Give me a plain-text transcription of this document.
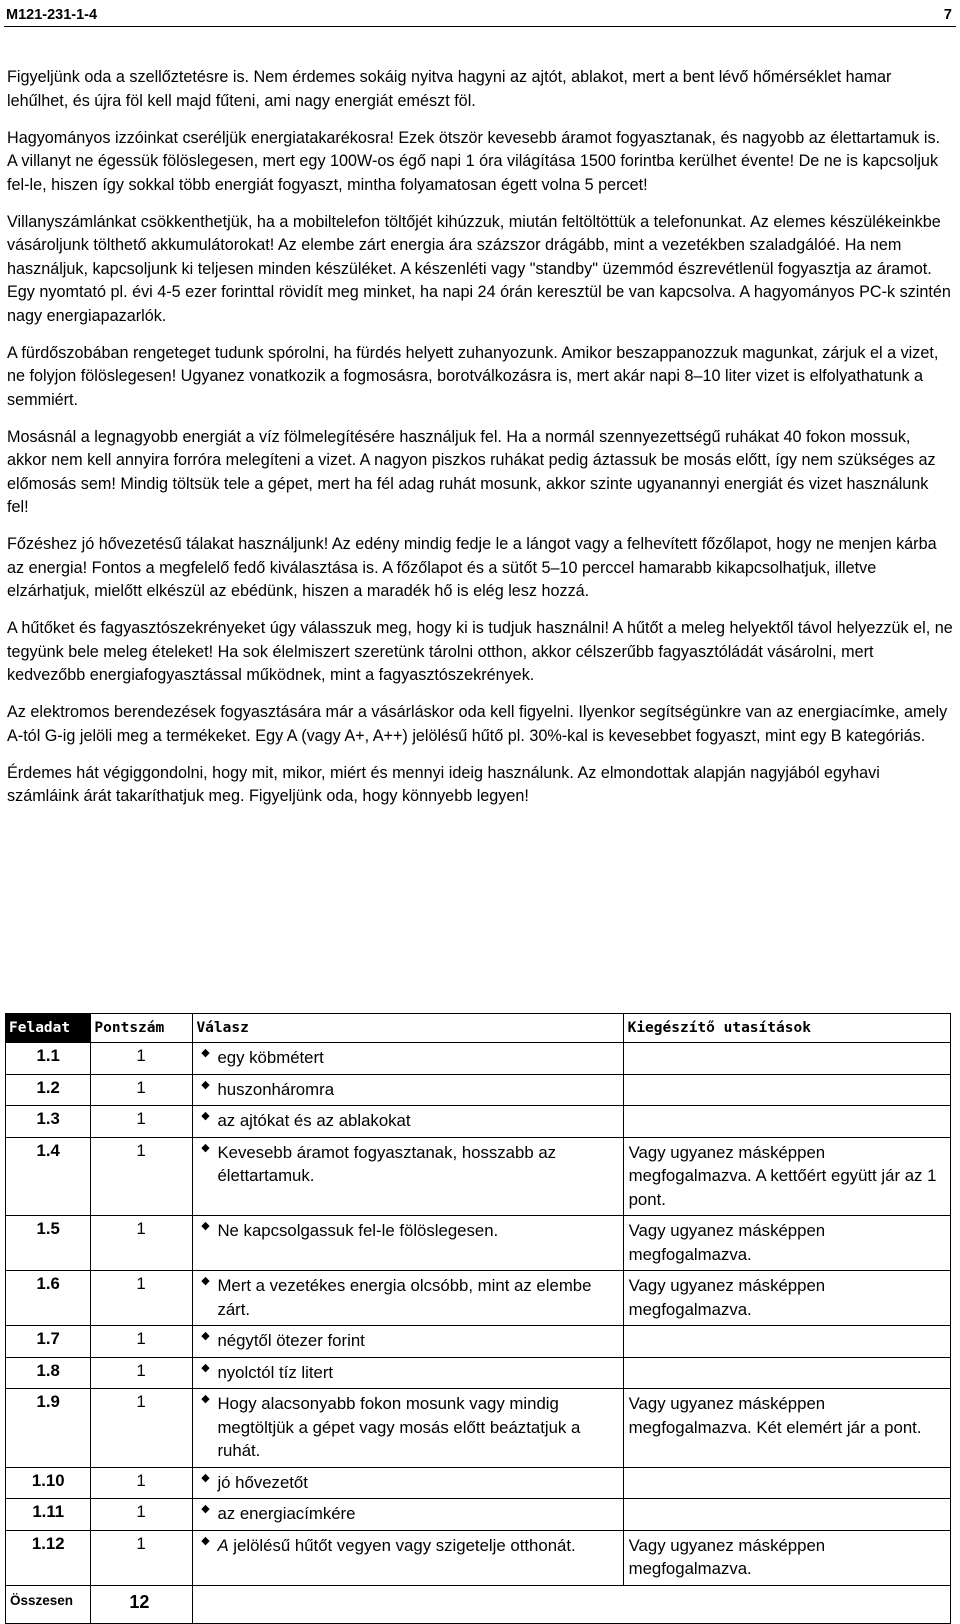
M121-231-1-4	7

Figyeljünk oda a szellőztetésre is. Nem érdemes sokáig nyitva hagyni az ajtót, ablakot, mert a bent lévő hőmérséklet hamar lehűlhet, és újra föl kell majd fűteni, ami nagy energiát emészt föl.

Hagyományos izzóinkat cseréljük energiatakarékosra! Ezek ötször kevesebb áramot fogyasztanak, és nagyobb az élettartamuk is. A villanyt ne égessük fölöslegesen, mert egy 100W-os égő napi 1 óra világítása 1500 forintba kerülhet évente! De ne is kapcsoljuk fel-le, hiszen így sokkal több energiát fogyaszt, mintha folyamatosan égett volna 5 percet!

Villanyszámlánkat csökkenthetjük, ha a mobiltelefon töltőjét kihúzzuk, miután feltöltöttük a telefonunkat. Az elemes készülékeinkbe vásároljunk tölthető akkumulátorokat! Az elembe zárt energia ára százszor drágább, mint a vezetékben szaladgálóé. Ha nem használjuk, kapcsoljunk ki teljesen minden készüléket. A készenléti vagy "standby" üzemmód észrevétlenül fogyasztja az áramot. Egy nyomtató pl. évi 4-5 ezer forinttal rövidít meg minket, ha napi 24 órán keresztül be van kapcsolva. A hagyományos PC-k szintén nagy energiapazarlók.

A fürdőszobában rengeteget tudunk spórolni, ha fürdés helyett zuhanyozunk. Amikor beszappanozzuk magunkat, zárjuk el a vizet, ne folyjon fölöslegesen! Ugyanez vonatkozik a fogmosásra, borotválkozásra is, mert akár napi 8–10 liter vizet is elfolyathatunk a semmiért.

Mosásnál a legnagyobb energiát a víz fölmelegítésére használjuk fel. Ha a normál szennyezettségű ruhákat 40 fokon mossuk, akkor nem kell annyira forróra melegíteni a vizet. A nagyon piszkos ruhákat pedig áztassuk be mosás előtt, így nem szükséges az előmosás sem! Mindig töltsük tele a gépet, mert ha fél adag ruhát mosunk, akkor szinte ugyanannyi energiát és vizet használunk fel!

Főzéshez jó hővezetésű tálakat használjunk! Az edény mindig fedje le a lángot vagy a felhevített főzőlapot, hogy ne menjen kárba az energia! Fontos a megfelelő fedő kiválasztása is. A főzőlapot és a sütőt 5–10 perccel hamarabb kikapcsolhatjuk, illetve elzárhatjuk, mielőtt elkészül az ebédünk, hiszen a maradék hő is elég lesz hozzá.

A hűtőket és fagyasztószekrényeket úgy válasszuk meg, hogy ki is tudjuk használni! A hűtőt a meleg helyektől távol helyezzük el, ne tegyünk bele meleg ételeket! Ha sok élelmiszert szeretünk tárolni otthon, akkor célszerűbb fagyasztóládát vásárolni, mert kedvezőbb energiafogyasztással működnek, mint a fagyasztószekrények.

Az elektromos berendezések fogyasztására már a vásárláskor oda kell figyelni. Ilyenkor segítségünkre van az energiacímke, amely A-tól G-ig jelöli meg a termékeket. Egy A (vagy A+, A++) jelölésű hűtő pl. 30%-kal is kevesebbet fogyaszt, mint egy B kategóriás.

Érdemes hát végiggondolni, hogy mit, mikor, miért és mennyi ideig használunk. Az elmondottak alapján nagyjából egyhavi számláink árát takaríthatjuk meg. Figyeljünk oda, hogy könnyebb legyen!

Feladat	Pontszám	Válasz	Kiegészítő utasítások
1.1	1	◆ egy köbmétert	

1.2	1	◆ huszonháromra	

1.3	1	◆ az ajtókat és az ablakokat	

1.4	1	◆ Kevesebb áramot fogyasztanak, hosszabb az élettartamuk.	Vagy ugyanez másképpen megfogalmazva. A kettőért együtt jár az 1 pont.
1.5	1	◆ Ne kapcsolgassuk fel-le fölöslegesen.	Vagy ugyanez másképpen megfogalmazva.
1.6	1	◆ Mert a vezetékes energia olcsóbb, mint az elembe zárt.	Vagy ugyanez másképpen megfogalmazva.
1.7	1	◆ négytől ötezer forint	

1.8	1	◆ nyolctól tíz litert	

1.9	1	◆ Hogy alacsonyabb fokon mosunk vagy mindig megtöltjük a gépet vagy mosás előtt beáztatjuk a ruhát.	Vagy ugyanez másképpen megfogalmazva. Két elemért jár a pont.
1.10	1	◆ jó hővezetőt	

1.11	1	◆ az energiacímkére	

1.12	1	◆ A jelölésű hűtőt vegyen vagy szigetelje otthonát.	Vagy ugyanez másképpen megfogalmazva.
Összesen	12		
